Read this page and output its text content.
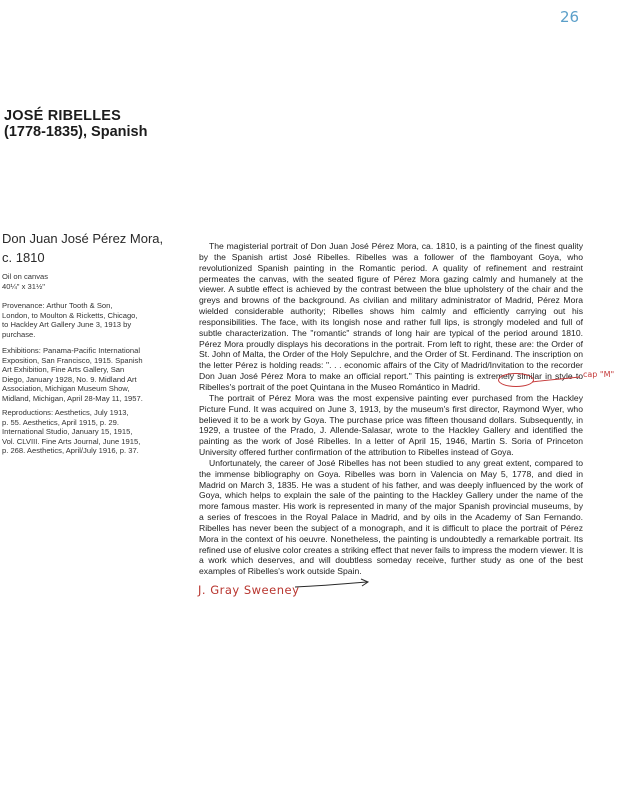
26
JOSÉ RIBELLES
(1778-1835), Spanish
Don Juan José Pérez Mora,
c. 1810

Oil on canvas

40¼" x 31½"

Provenance: Arthur Tooth & Son,

London, to Moulton & Ricketts, Chicago,

to Hackley Art Gallery June 3, 1913 by

purchase.

Exhibitions: Panama-Pacific International

Exposition, San Francisco, 1915. Spanish

Art Exhibition, Fine Arts Gallery, San

Diego, January 1928, No. 9. Midland Art

Association, Michigan Museum Show,

Midland, Michigan, April 28-May 11, 1957.

Reproductions: Aesthetics, July 1913,

p. 55. Aesthetics, April 1915, p. 29.

International Studio, January 15, 1915,

Vol. CLVIII. Fine Arts Journal, June 1915,

p. 268. Aesthetics, April/July 1916, p. 37.

The magisterial portrait of Don Juan José Pérez Mora, ca. 1810, is a painting of the finest quality by the Spanish artist José Ribelles. Ribelles was a follower of the flamboyant Goya, who revolutionized Spanish painting in the Romantic period. A quality of refinement and restraint permeates the canvas, with the seated figure of Pérez Mora gazing calmly and humanely at the viewer. A subtle effect is achieved by the contrast between the blue upholstery of the chair and the greys and browns of the background. As civilian and military administrator of Madrid, Pérez Mora wielded considerable authority; Ribelles shows him calmly and efficiently carrying out his responsibilities. The face, with its longish nose and rather full lips, is strongly modeled and full of subtle characterization. The "romantic" strands of long hair are typical of the period around 1810. Pérez Mora proudly displays his decorations in the portrait. From left to right, these are: the Order of St. John of Malta, the Order of the Holy Sepulchre, and the Order of St. Ferdinand. The inscription on the letter Pérez is holding reads: ". . . economic affairs of the City of Madrid/Invitation to the recorder Don Juan José Pérez Mora to make an official report." This painting is extremely similar in style to Ribelles's portrait of the poet Quintana in the Museo Romántico in Madrid.

The portrait of Pérez Mora was the most expensive painting ever purchased from the Hackley Picture Fund. It was acquired on June 3, 1913, by the museum's first director, Raymond Wyer, who believed it to be a work by Goya. The purchase price was fifteen thousand dollars. Subsequently, in 1929, a trustee of the Prado, J. Allende-Salasar, wrote to the Hackley Gallery and identified the painting as the work of José Ribelles. In a letter of April 15, 1946, Martin S. Soria of Princeton University offered further confirmation of the attribution to Ribelles instead of Goya.

Unfortunately, the career of José Ribelles has not been studied to any great extent, compared to the immense bibliography on Goya. Ribelles was born in Valencia on May 5, 1778, and died in Madrid on March 3, 1835. He was a student of his father, and was deeply influenced by the work of Goya, which helps to explain the sale of the painting to the Hackley Gallery under the name of the more famous master. His work is represented in many of the major Spanish provincial museums, by a series of frescoes in the Royal Palace in Madrid, and by oils in the Academy of San Fernando. Ribelles has never been the subject of a monograph, and it is difficult to place the portrait of Pérez Mora in the context of his oeuvre. Nonetheless, the painting is undoubtedly a remarkable portrait. Its refined use of elusive color creates a striking effect that never fails to impress the modern viewer. It is a work which deserves, and will doubtless someday receive, further study as one of the best examples of Ribelles's work outside Spain.

cap "M"
J. Gray Sweeney
